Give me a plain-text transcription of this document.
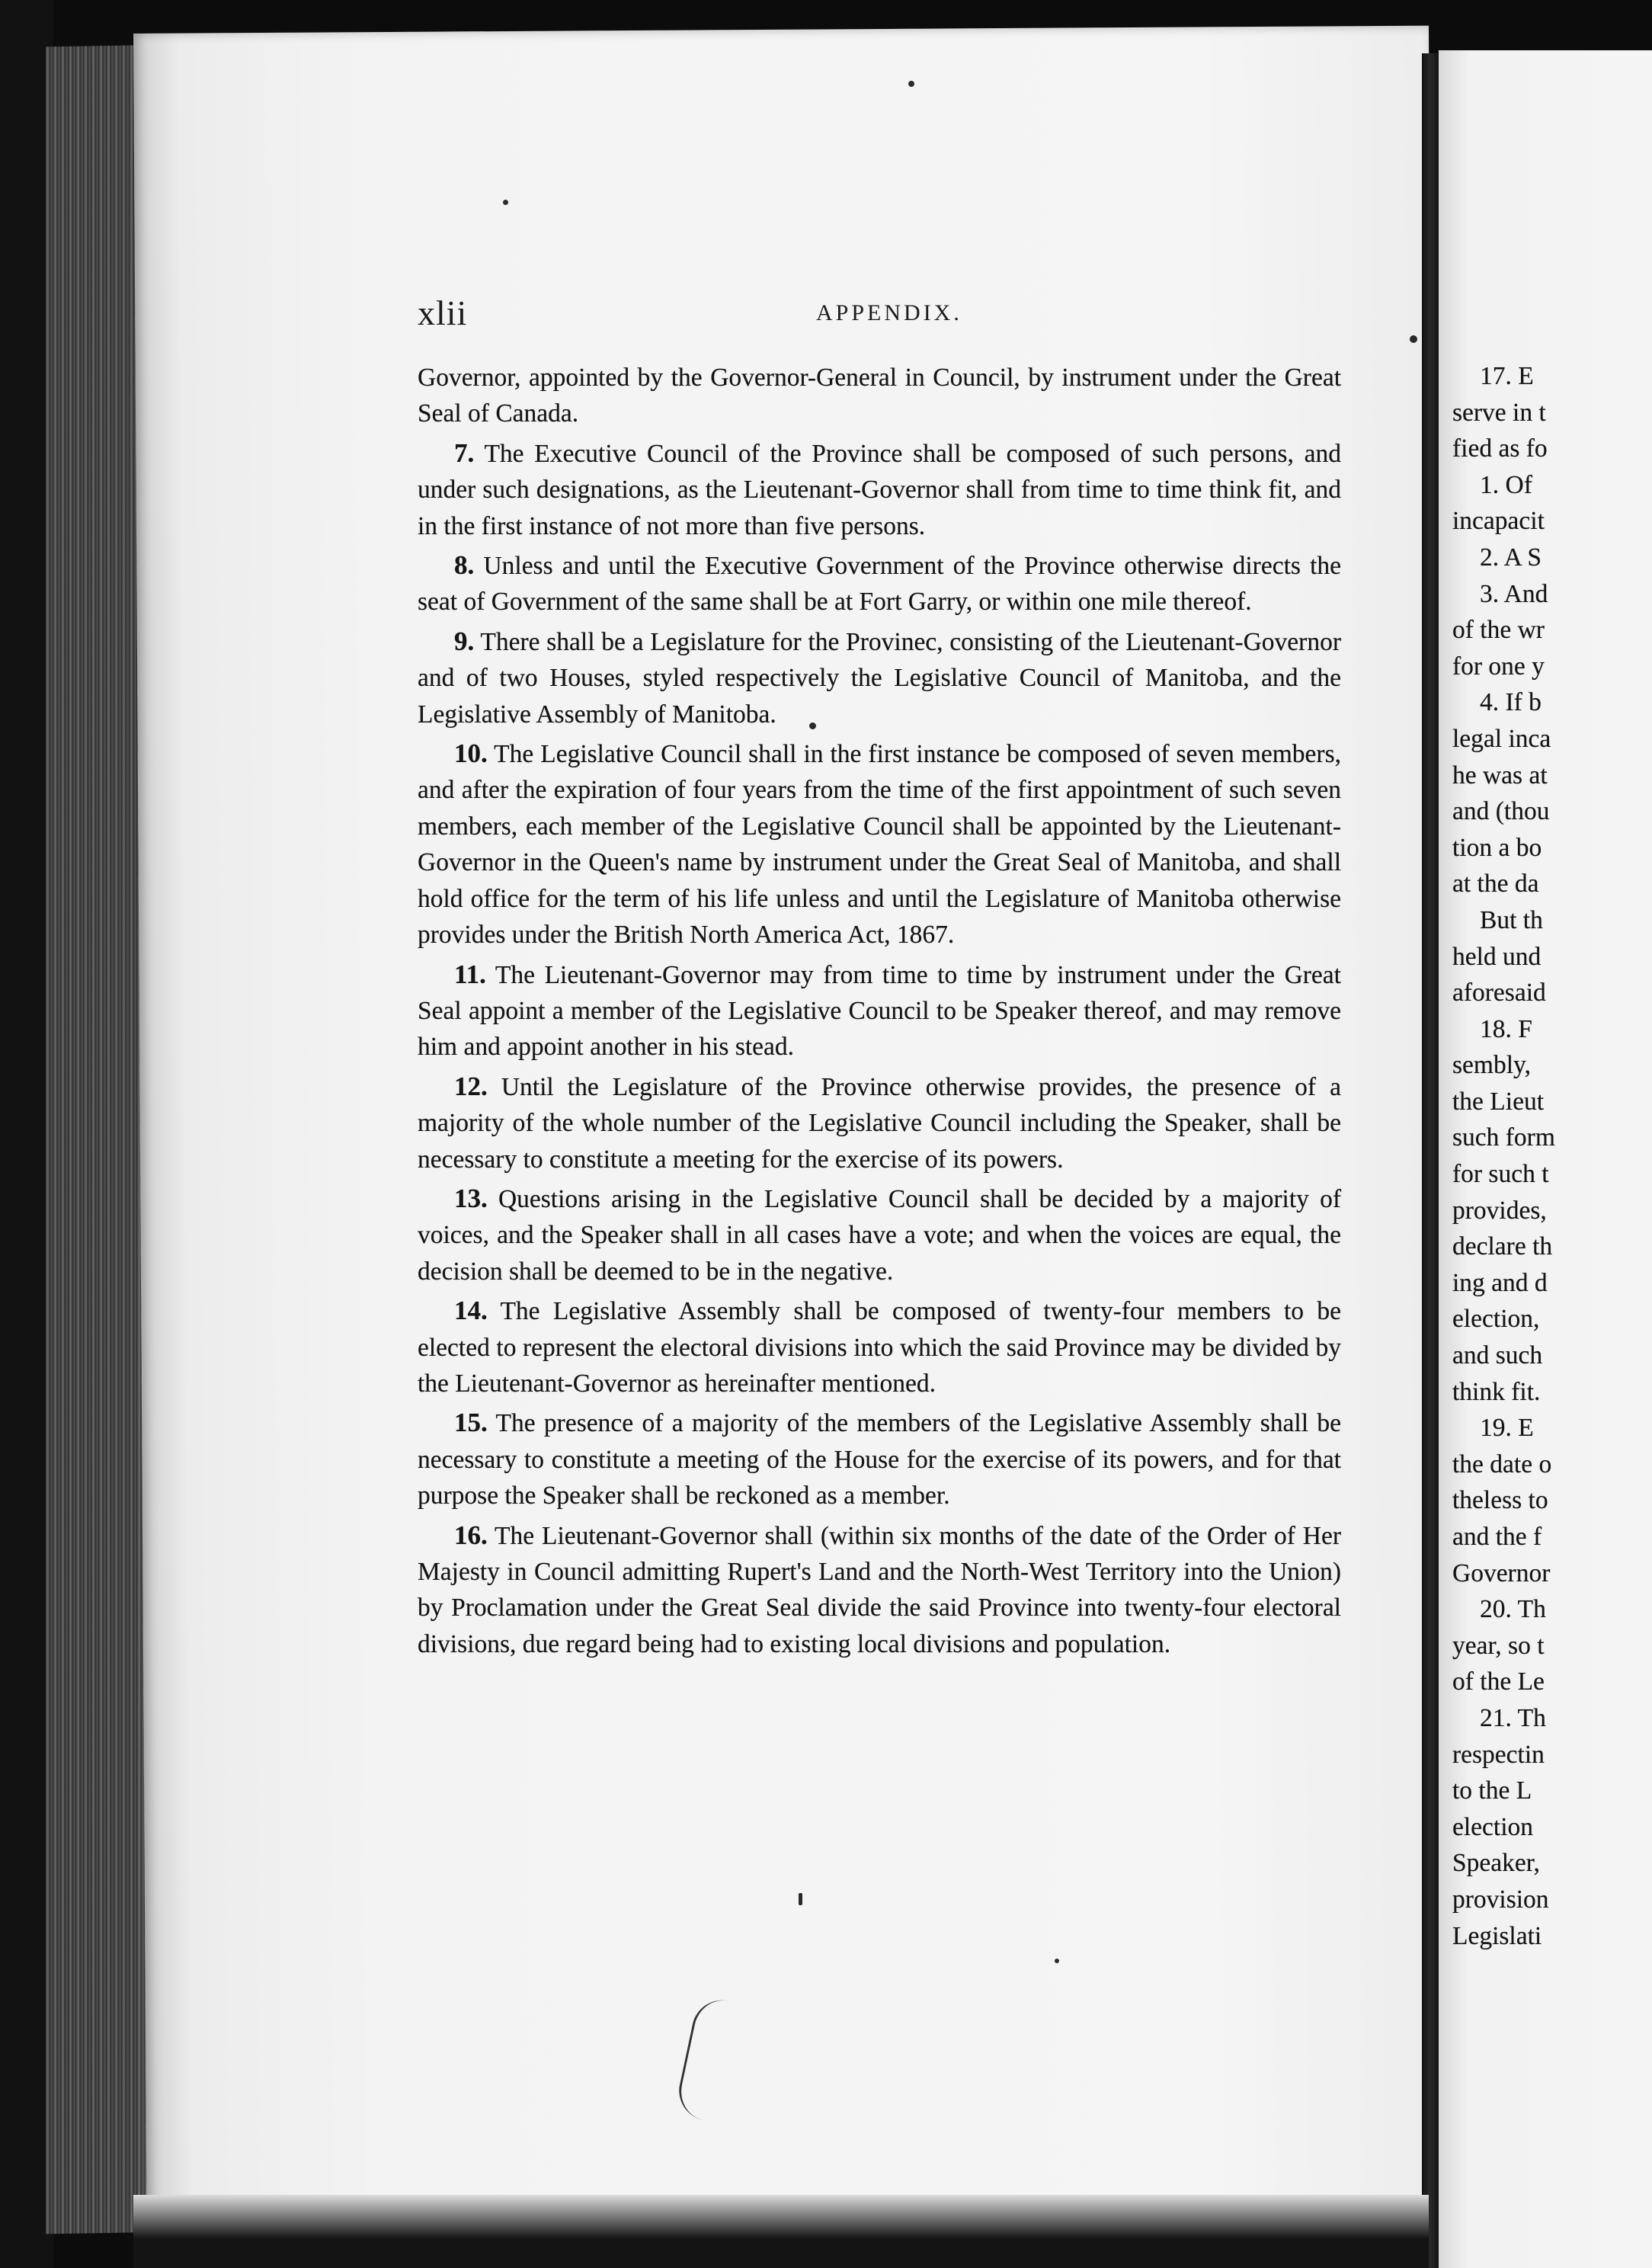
xlii	APPENDIX.

Governor, appointed by the Governor-General in Council, by instrument under the Great Seal of Canada.

7. The Executive Council of the Province shall be composed of such persons, and under such designations, as the Lieutenant-Governor shall from time to time think fit, and in the first instance of not more than five persons.

8. Unless and until the Executive Government of the Province otherwise directs the seat of Government of the same shall be at Fort Garry, or within one mile thereof.

9. There shall be a Legislature for the Provinec, consisting of the Lieutenant-Governor and of two Houses, styled respectively the Legislative Council of Manitoba, and the Legislative Assembly of Manitoba.

10. The Legislative Council shall in the first instance be composed of seven members, and after the expiration of four years from the time of the first appointment of such seven members, each member of the Legislative Council shall be appointed by the Lieutenant-Governor in the Queen's name by instrument under the Great Seal of Manitoba, and shall hold office for the term of his life unless and until the Legislature of Manitoba otherwise provides under the British North America Act, 1867.

11. The Lieutenant-Governor may from time to time by instrument under the Great Seal appoint a member of the Legislative Council to be Speaker thereof, and may remove him and appoint another in his stead.

12. Until the Legislature of the Province otherwise provides, the presence of a majority of the whole number of the Legislative Council including the Speaker, shall be necessary to constitute a meeting for the exercise of its powers.

13. Questions arising in the Legislative Council shall be decided by a majority of voices, and the Speaker shall in all cases have a vote; and when the voices are equal, the decision shall be deemed to be in the negative.

14. The Legislative Assembly shall be composed of twenty-four members to be elected to represent the electoral divisions into which the said Province may be divided by the Lieutenant-Governor as hereinafter mentioned.

15. The presence of a majority of the members of the Legislative Assembly shall be necessary to constitute a meeting of the House for the exercise of its powers, and for that purpose the Speaker shall be reckoned as a member.

16. The Lieutenant-Governor shall (within six months of the date of the Order of Her Majesty in Council admitting Rupert's Land and the North-West Territory into the Union) by Proclamation under the Great Seal divide the said Province into twenty-four electoral divisions, due regard being had to existing local divisions and population.

17. E
serve in t
fied as fo
1. Of
incapacit
2. A S
3. And
of the wr
for one y
4. If b
legal inca
he was at
and (thou
tion a bo
at the da
But th
held und
aforesaid
18. F
sembly,
the Lieut
such form
for such t
provides,
declare th
ing and d
election,
and such
think fit.
19. E
the date o
theless to
and the f
Governor
20. Th
year, so t
of the Le
21. Th
respectin
to the L
election
Speaker,
provision
Legislati
